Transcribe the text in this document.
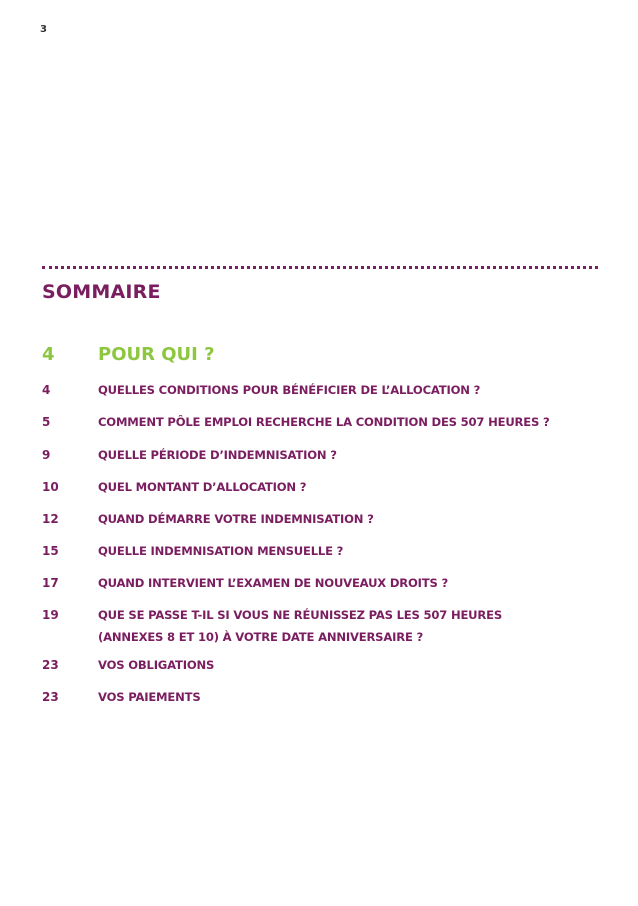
3
SOMMAIRE
4	POUR QUI ?
4	QUELLES CONDITIONS POUR BÉNÉFICIER DE L’ALLOCATION ?
5	COMMENT PÔLE EMPLOI RECHERCHE LA CONDITION DES 507 HEURES ?
9	QUELLE PÉRIODE D’INDEMNISATION ?
10	QUEL MONTANT D’ALLOCATION ?
12	QUAND DÉMARRE VOTRE INDEMNISATION ?
15	QUELLE INDEMNISATION MENSUELLE ?
17	QUAND INTERVIENT L’EXAMEN DE NOUVEAUX DROITS ?
19	QUE SE PASSE T-IL SI VOUS NE RÉUNISSEZ PAS LES 507 HEURES
(ANNEXES 8 ET 10) À VOTRE DATE ANNIVERSAIRE ?
23	VOS OBLIGATIONS
23	VOS PAIEMENTS
